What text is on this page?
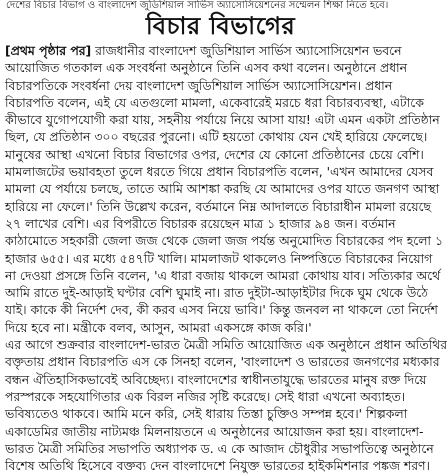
দেশের বিচার বিভাগ ও বাংলাদেশ জুডিশিয়াল সার্ভিস অ্যাসোসিয়েশনের সম্মেলন শিক্ষা নিতে হবে।
বিচার বিভাগের
[প্রথম পৃষ্ঠার পর] রাজধানীর বাংলাদেশ জুডিশিয়াল সার্ভিস অ্যাসোসিয়েশন ভবনে
আয়োজিত গতকাল এক সংবর্ধনা অনুষ্ঠানে তিনি এসব কথা বলেন। অনুষ্ঠানে প্রধান
বিচারপতিকে সংবর্ধনা দেয় বাংলাদেশ জুডিশিয়াল সার্ভিস অ্যাসোসিয়েশন। প্রধান
বিচারপতি বলেন, এই যে এতগুলো মামলা, একেবারেই মরচে ধরা বিচারব্যবস্থা, এটাকে
কীভাবে যুগোপযোগী করা যায়, সহনীয় পর্যায়ে নিয়ে আসা যায়! এটা এমন একটা প্রতিষ্ঠান
ছিল, যে প্রতিষ্ঠান ৩০০ বছরের পুরনো। এটি হয়তো কোথায় যেন খেই হারিয়ে ফেলেছে।
মানুষের আস্থা এখনো বিচার বিভাগের ওপর, দেশের যে কোনো প্রতিষ্ঠানের চেয়ে বেশি।
মামলাজটের ভয়াবহতা তুলে ধরতে গিয়ে প্রধান বিচারপতি বলেন, 'এখন আমাদের যেসব
মামলা যে পর্যায়ে চলছে, তাতে আমি আশঙ্কা করছি যে আমাদের ওপর যাতে জনগণ আস্থা
হারিয়ে না ফেলে।' তিনি উল্লেখ করেন, বর্তমানে নিম্ন আদালতে বিচারাধীন মামলা রয়েছে
২৭ লাখের বেশি। এর বিপরীতে বিচারক রয়েছেন মাত্র ১ হাজার ৯৪ জন। বর্তমান
কাঠামোতে সহকারী জেলা জজ থেকে জেলা জজ পর্যন্ত অনুমোদিত বিচারকের পদ হলো ১
হাজার ৬৫৫। এর মধ্যে ৫৪৭টি খালি। মামলাজট থাকলেও নিষ্পত্তিতে বিচারকের নিয়োগ
না দেওয়া প্রসঙ্গে তিনি বলেন, 'এ ধারা বজায় থাকলে আমরা কোথায় যাব। সত্যিকার অর্থে
আমি রাতে দুই-আড়াই ঘণ্টার বেশি ঘুমাই না। রাত দুইটা-আড়াইটার দিকে ঘুম থেকে উঠে
যাই। কাকে কী নির্দেশ দেব, কী করব এসব নিয়ে ভাবি।' কিন্তু জনবল না থাকলে তো নির্দেশ
দিয়ে হবে না। মন্ত্রীকে বলব, আসুন, আমরা একসঙ্গে কাজ করি।'
এর আগে শুক্রবার বাংলাদেশ-ভারত মৈত্রী সমিতি আয়োজিত এক অনুষ্ঠানে প্রধান অতিথির
বক্তৃতায় প্রধান বিচারপতি এস কে সিনহা বলেন, 'বাংলাদেশ ও ভারতের জনগণের মধ্যকার
বন্ধন ঐতিহাসিকভাবেই অবিচ্ছেদ্য। বাংলাদেশের স্বাধীনতাযুদ্ধে ভারতের মানুষ রক্ত দিয়ে
পরস্পরকে সহযোগিতার এক বিরল নজির সৃষ্টি করেছে। সেই ধারা এখনো অব্যাহত।
ভবিষ্যতেও থাকবে। আমি মনে করি, সেই ধারায় তিস্তা চুক্তিও সম্পন্ন হবে।' শিল্পকলা
একাডেমির জাতীয় নাট্যমঞ্চ মিলনায়তনে এ অনুষ্ঠানের আয়োজন করা হয়। বাংলাদেশ-
ভারত মৈত্রী সমিতির সভাপতি অধ্যাপক ড. এ কে আজাদ চৌধুরীর সভাপতিত্বে অনুষ্ঠানে
বিশেষ অতিথি হিসেবে বক্তব্য দেন বাংলাদেশে নিযুক্ত ভারতের হাইকমিশনার পঙ্কজ শরণ।
